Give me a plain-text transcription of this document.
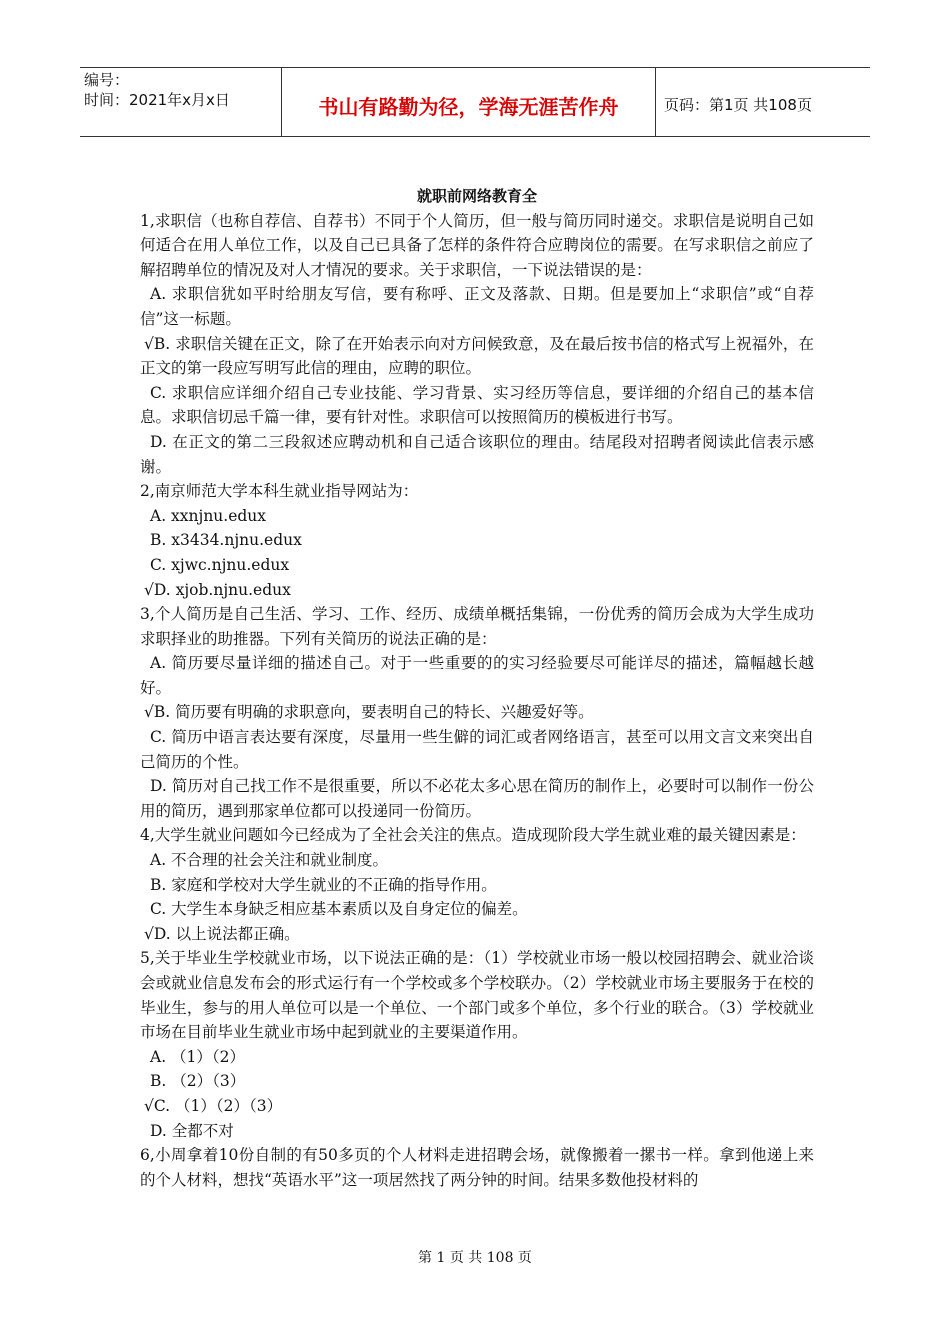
编号：
时间：2021年x月x日	书山有路勤为径，学海无涯苦作舟	页码：第1页 共108页
就职前网络教育全
1,求职信（也称自荐信、自荐书）不同于个人简历，但一般与简历同时递交。求职信是说明自己如何适合在用人单位工作，以及自己已具备了怎样的条件符合应聘岗位的需要。在写求职信之前应了解招聘单位的情况及对人才情况的要求。关于求职信，一下说法错误的是：
A. 求职信犹如平时给朋友写信，要有称呼、正文及落款、日期。但是要加上“求职信”或“自荐信”这一标题。
√B. 求职信关键在正文，除了在开始表示向对方问候致意，及在最后按书信的格式写上祝福外，在正文的第一段应写明写此信的理由，应聘的职位。
C. 求职信应详细介绍自己专业技能、学习背景、实习经历等信息，要详细的介绍自己的基本信息。求职信切忌千篇一律，要有针对性。求职信可以按照简历的模板进行书写。
D. 在正文的第二三段叙述应聘动机和自己适合该职位的理由。结尾段对招聘者阅读此信表示感谢。
2,南京师范大学本科生就业指导网站为：
A. xxnjnu.edux
B. x3434.njnu.edux
C. xjwc.njnu.edux
√D. xjob.njnu.edux
3,个人简历是自己生活、学习、工作、经历、成绩单概括集锦，一份优秀的简历会成为大学生成功求职择业的助推器。下列有关简历的说法正确的是：
A. 简历要尽量详细的描述自己。对于一些重要的的实习经验要尽可能详尽的描述，篇幅越长越好。
√B. 简历要有明确的求职意向，要表明自己的特长、兴趣爱好等。
C. 简历中语言表达要有深度，尽量用一些生僻的词汇或者网络语言，甚至可以用文言文来突出自己简历的个性。
D. 简历对自己找工作不是很重要，所以不必花太多心思在简历的制作上，必要时可以制作一份公用的简历，遇到那家单位都可以投递同一份简历。
4,大学生就业问题如今已经成为了全社会关注的焦点。造成现阶段大学生就业难的最关键因素是：
A. 不合理的社会关注和就业制度。
B. 家庭和学校对大学生就业的不正确的指导作用。
C. 大学生本身缺乏相应基本素质以及自身定位的偏差。
√D. 以上说法都正确。
5,关于毕业生学校就业市场，以下说法正确的是：（1）学校就业市场一般以校园招聘会、就业洽谈会或就业信息发布会的形式运行有一个学校或多个学校联办。（2）学校就业市场主要服务于在校的毕业生，参与的用人单位可以是一个单位、一个部门或多个单位，多个行业的联合。（3）学校就业市场在目前毕业生就业市场中起到就业的主要渠道作用。
A. （1）（2）
B. （2）（3）
√C. （1）（2）（3）
D. 全都不对
6,小周拿着10份自制的有50多页的个人材料走进招聘会场，就像搬着一摞书一样。拿到他递上来的个人材料，想找“英语水平”这一项居然找了两分钟的时间。结果多数他投材料的
第 1 页 共 108 页
